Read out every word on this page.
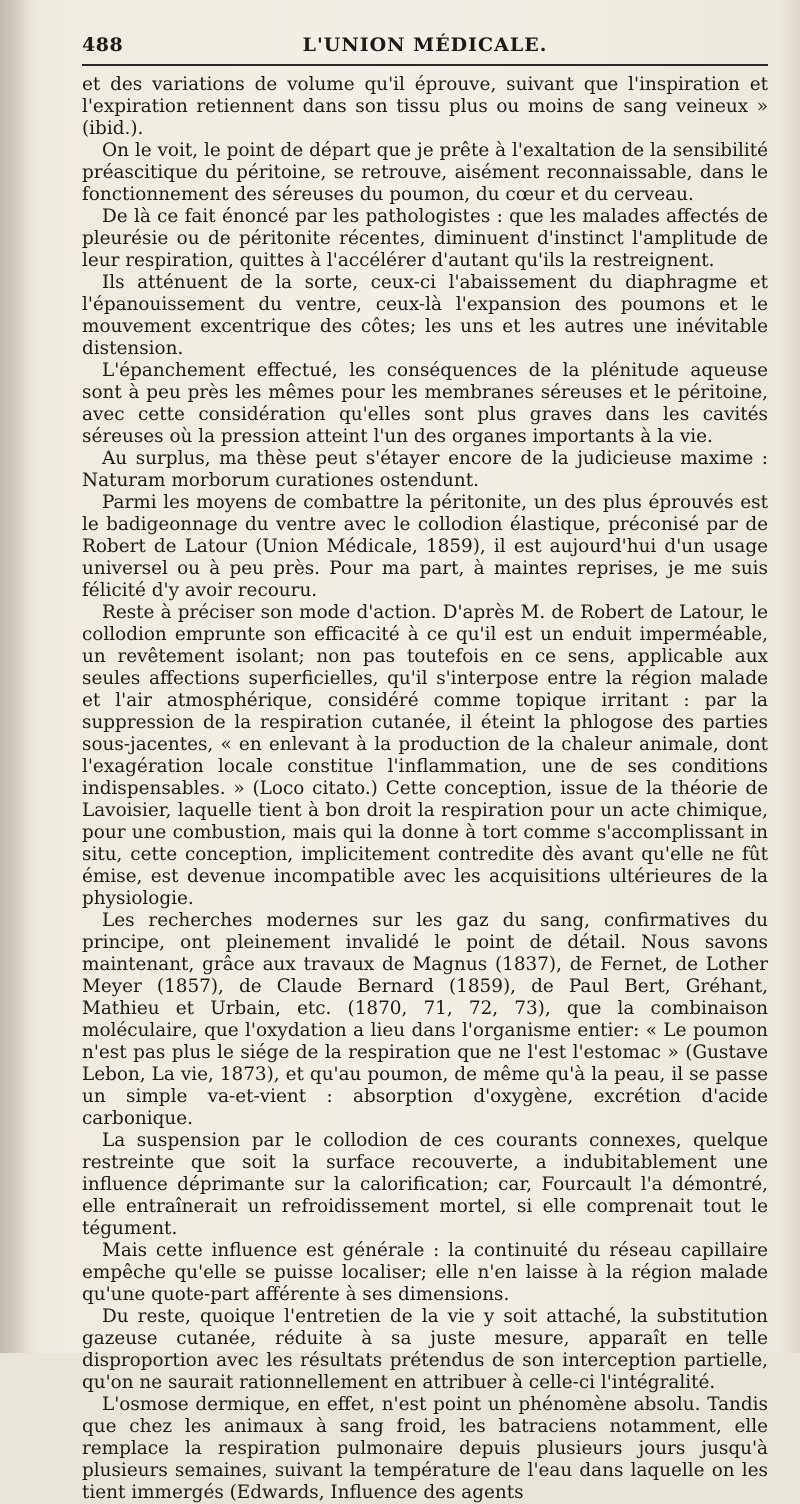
488	L'UNION MÉDICALE.

et des variations de volume qu'il éprouve, suivant que l'inspiration et l'expiration retiennent dans son tissu plus ou moins de sang veineux » (ibid.).

On le voit, le point de départ que je prête à l'exaltation de la sensibilité préascitique du péritoine, se retrouve, aisément reconnaissable, dans le fonctionnement des séreuses du poumon, du cœur et du cerveau.

De là ce fait énoncé par les pathologistes : que les malades affectés de pleurésie ou de péritonite récentes, diminuent d'instinct l'amplitude de leur respiration, quittes à l'accélérer d'autant qu'ils la restreignent.

Ils atténuent de la sorte, ceux-ci l'abaissement du diaphragme et l'épanouissement du ventre, ceux-là l'expansion des poumons et le mouvement excentrique des côtes; les uns et les autres une inévitable distension.

L'épanchement effectué, les conséquences de la plénitude aqueuse sont à peu près les mêmes pour les membranes séreuses et le péritoine, avec cette considération qu'elles sont plus graves dans les cavités séreuses où la pression atteint l'un des organes importants à la vie.

Au surplus, ma thèse peut s'étayer encore de la judicieuse maxime : Naturam morborum curationes ostendunt.

Parmi les moyens de combattre la péritonite, un des plus éprouvés est le badigeonnage du ventre avec le collodion élastique, préconisé par de Robert de Latour (Union Médicale, 1859), il est aujourd'hui d'un usage universel ou à peu près. Pour ma part, à maintes reprises, je me suis félicité d'y avoir recouru.

Reste à préciser son mode d'action. D'après M. de Robert de Latour, le collodion emprunte son efficacité à ce qu'il est un enduit imperméable, un revêtement isolant; non pas toutefois en ce sens, applicable aux seules affections superficielles, qu'il s'interpose entre la région malade et l'air atmosphérique, considéré comme topique irritant : par la suppression de la respiration cutanée, il éteint la phlogose des parties sous-jacentes, « en enlevant à la production de la chaleur animale, dont l'exagération locale constitue l'inflammation, une de ses conditions indispensables. » (Loco citato.) Cette conception, issue de la théorie de Lavoisier, laquelle tient à bon droit la respiration pour un acte chimique, pour une combustion, mais qui la donne à tort comme s'accomplissant in situ, cette conception, implicitement contredite dès avant qu'elle ne fût émise, est devenue incompatible avec les acquisitions ultérieures de la physiologie.

Les recherches modernes sur les gaz du sang, confirmatives du principe, ont pleinement invalidé le point de détail. Nous savons maintenant, grâce aux travaux de Magnus (1837), de Fernet, de Lother Meyer (1857), de Claude Bernard (1859), de Paul Bert, Gréhant, Mathieu et Urbain, etc. (1870, 71, 72, 73), que la combinaison moléculaire, que l'oxydation a lieu dans l'organisme entier: « Le poumon n'est pas plus le siége de la respiration que ne l'est l'estomac » (Gustave Lebon, La vie, 1873), et qu'au poumon, de même qu'à la peau, il se passe un simple va-et-vient : absorption d'oxygène, excrétion d'acide carbonique.

La suspension par le collodion de ces courants connexes, quelque restreinte que soit la surface recouverte, a indubitablement une influence déprimante sur la calorification; car, Fourcault l'a démontré, elle entraînerait un refroidissement mortel, si elle comprenait tout le tégument.

Mais cette influence est générale : la continuité du réseau capillaire empêche qu'elle se puisse localiser; elle n'en laisse à la région malade qu'une quote-part afférente à ses dimensions.

Du reste, quoique l'entretien de la vie y soit attaché, la substitution gazeuse cutanée, réduite à sa juste mesure, apparaît en telle disproportion avec les résultats prétendus de son interception partielle, qu'on ne saurait rationnellement en attribuer à celle-ci l'intégralité.

L'osmose dermique, en effet, n'est point un phénomène absolu. Tandis que chez les animaux à sang froid, les batraciens notamment, elle remplace la respiration pulmonaire depuis plusieurs jours jusqu'à plusieurs semaines, suivant la température de l'eau dans laquelle on les tient immergés (Edwards, Influence des agents
